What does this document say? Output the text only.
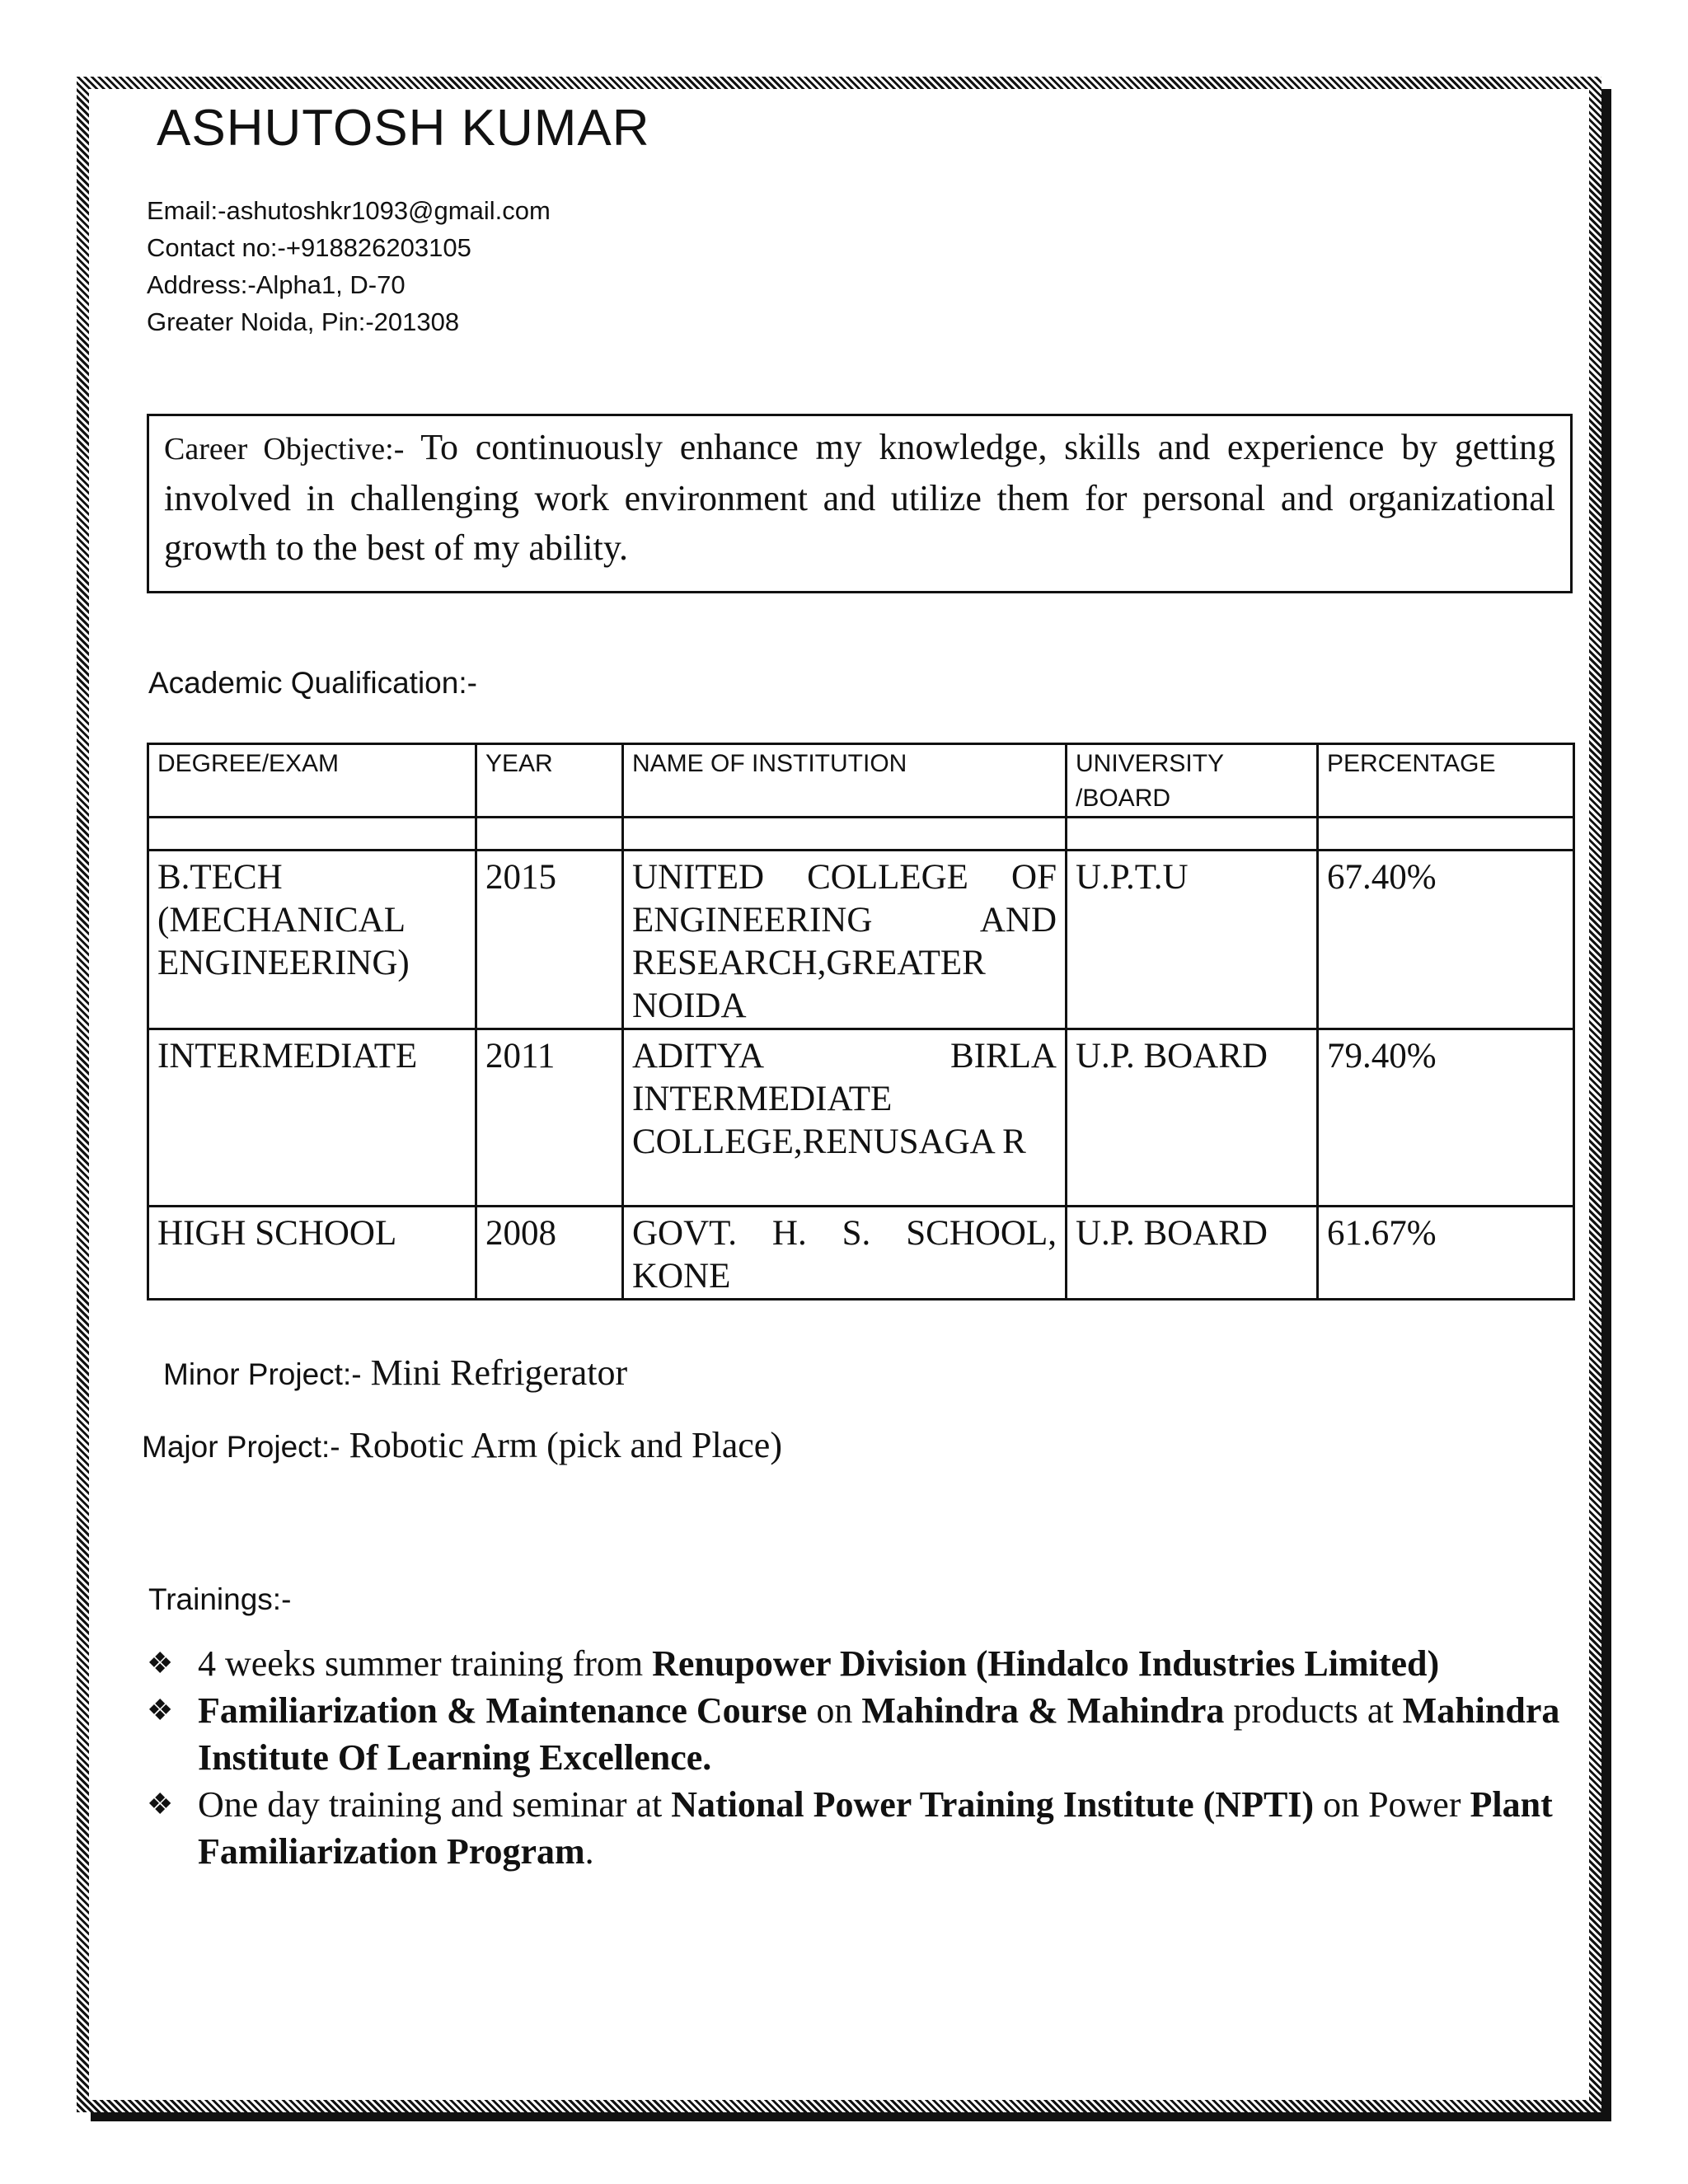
ASHUTOSH KUMAR
Email:-ashutoshkr1093@gmail.com
Contact no:-+918826203105
Address:-Alpha1, D-70
Greater Noida, Pin:-201308

Career Objective:- To continuously enhance my knowledge, skills and experience by getting involved in challenging work environment and utilize them for personal and organizational growth to the best of my ability.

Academic Qualification:-
DEGREE/EXAM	YEAR	NAME OF INSTITUTION	UNIVERSITY /BOARD	PERCENTAGE

B.TECH (MECHANICAL ENGINEERING)	2015	UNITED COLLEGE OF ENGINEERING AND RESEARCH,GREATER NOIDA	U.P.T.U	67.40%
INTERMEDIATE	2011	ADITYA BIRLA INTERMEDIATE COLLEGE,RENUSAGA R	U.P. BOARD	79.40%
HIGH SCHOOL	2008	GOVT. H. S. SCHOOL, KONE	U.P. BOARD	61.67%
Minor Project:- Mini Refrigerator
Major Project:- Robotic Arm (pick and Place)
Trainings:-
❖ 4 weeks summer training from Renupower Division (Hindalco Industries Limited)
❖ Familiarization & Maintenance Course on Mahindra & Mahindra products at Mahindra Institute Of Learning Excellence.
❖ One day training and seminar at National Power Training Institute (NPTI) on Power Plant Familiarization Program.
